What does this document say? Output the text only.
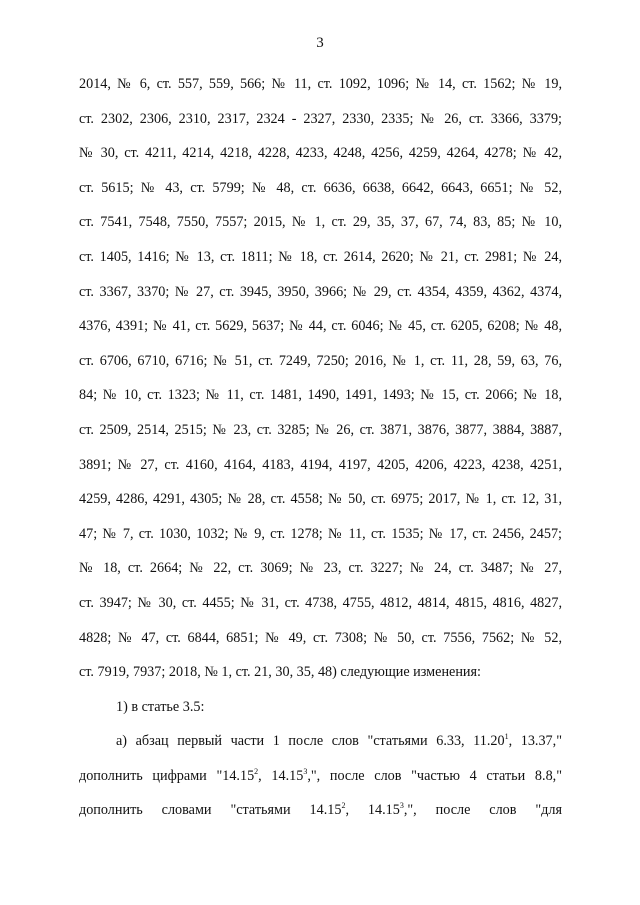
3
2014, № 6, ст. 557, 559, 566; № 11, ст. 1092, 1096; № 14, ст. 1562; № 19,
ст. 2302, 2306, 2310, 2317, 2324 - 2327, 2330, 2335; № 26, ст. 3366, 3379;
№ 30, ст. 4211, 4214, 4218, 4228, 4233, 4248, 4256, 4259, 4264, 4278; № 42,
ст. 5615; № 43, ст. 5799; № 48, ст. 6636, 6638, 6642, 6643, 6651; № 52,
ст. 7541, 7548, 7550, 7557; 2015, № 1, ст. 29, 35, 37, 67, 74, 83, 85; № 10,
ст. 1405, 1416; № 13, ст. 1811; № 18, ст. 2614, 2620; № 21, ст. 2981; № 24,
ст. 3367, 3370; № 27, ст. 3945, 3950, 3966; № 29, ст. 4354, 4359, 4362, 4374,
4376, 4391; № 41, ст. 5629, 5637; № 44, ст. 6046; № 45, ст. 6205, 6208; № 48,
ст. 6706, 6710, 6716; № 51, ст. 7249, 7250; 2016, № 1, ст. 11, 28, 59, 63, 76,
84; № 10, ст. 1323; № 11, ст. 1481, 1490, 1491, 1493; № 15, ст. 2066; № 18,
ст. 2509, 2514, 2515; № 23, ст. 3285; № 26, ст. 3871, 3876, 3877, 3884, 3887,
3891; № 27, ст. 4160, 4164, 4183, 4194, 4197, 4205, 4206, 4223, 4238, 4251,
4259, 4286, 4291, 4305; № 28, ст. 4558; № 50, ст. 6975; 2017, № 1, ст. 12, 31,
47; № 7, ст. 1030, 1032; № 9, ст. 1278; № 11, ст. 1535; № 17, ст. 2456, 2457;
№ 18, ст. 2664; № 22, ст. 3069; № 23, ст. 3227; № 24, ст. 3487; № 27,
ст. 3947; № 30, ст. 4455; № 31, ст. 4738, 4755, 4812, 4814, 4815, 4816, 4827,
4828; № 47, ст. 6844, 6851; № 49, ст. 7308; № 50, ст. 7556, 7562; № 52,
ст. 7919, 7937; 2018, № 1, ст. 21, 30, 35, 48) следующие изменения:
1) в статье 3.5:
а) абзац первый части 1 после слов "статьями 6.33, 11.20$^1$, 13.37,"
дополнить цифрами "14.15$^2$, 14.15$^3$,", после слов "частью 4 статьи 8.8,"
дополнить словами "статьями 14.15$^2$, 14.15$^3$,", после слов "для
